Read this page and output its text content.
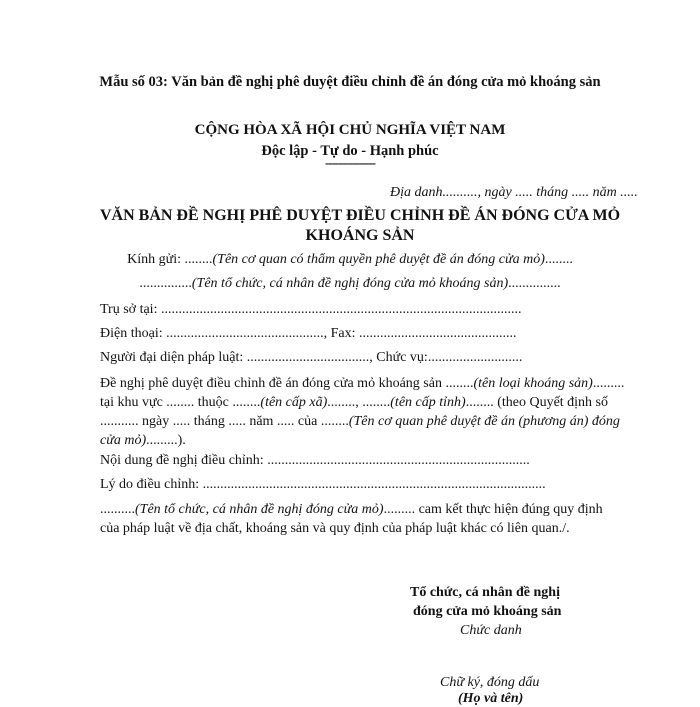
Mẫu số 03: Văn bản đề nghị phê duyệt điều chỉnh đề án đóng cửa mỏ khoáng sản
CỘNG HÒA XÃ HỘI CHỦ NGHĨA VIỆT NAM
Độc lập - Tự do - Hạnh phúc
---------------
Địa danh.........., ngày ..... tháng ..... năm .....
VĂN BẢN ĐỀ NGHỊ PHÊ DUYỆT ĐIỀU CHỈNH ĐỀ ÁN ĐÓNG CỬA MỎ KHOÁNG SẢN
Kính gửi: ........(Tên cơ quan có thẩm quyền phê duyệt đề án đóng cửa mỏ)........
...............(Tên tổ chức, cá nhân đề nghị đóng cửa mỏ khoáng sản)...............
Trụ sở tại: .......................................................................................................
Điện thoại: ............................................., Fax: .............................................
Người đại diện pháp luật: ..................................., Chức vụ:...........................
Đề nghị phê duyệt điều chỉnh đề án đóng cửa mỏ khoáng sản ........(tên loại khoáng sản)......... tại khu vực ........ thuộc ........(tên cấp xã)........, ........(tên cấp tỉnh)........ (theo Quyết định số ........... ngày ..... tháng ..... năm ..... của ........(Tên cơ quan phê duyệt đề án (phương án) đóng cửa mỏ).........).
Nội dung đề nghị điều chỉnh: ...........................................................................
Lý do điều chỉnh: ..................................................................................................
..........(Tên tổ chức, cá nhân đề nghị đóng cửa mỏ)......... cam kết thực hiện đúng quy định của pháp luật về địa chất, khoáng sản và quy định của pháp luật khác có liên quan./.
Tổ chức, cá nhân đề nghị
đóng cửa mỏ khoáng sản
Chức danh
Chữ ký, đóng dấu
(Họ và tên)
